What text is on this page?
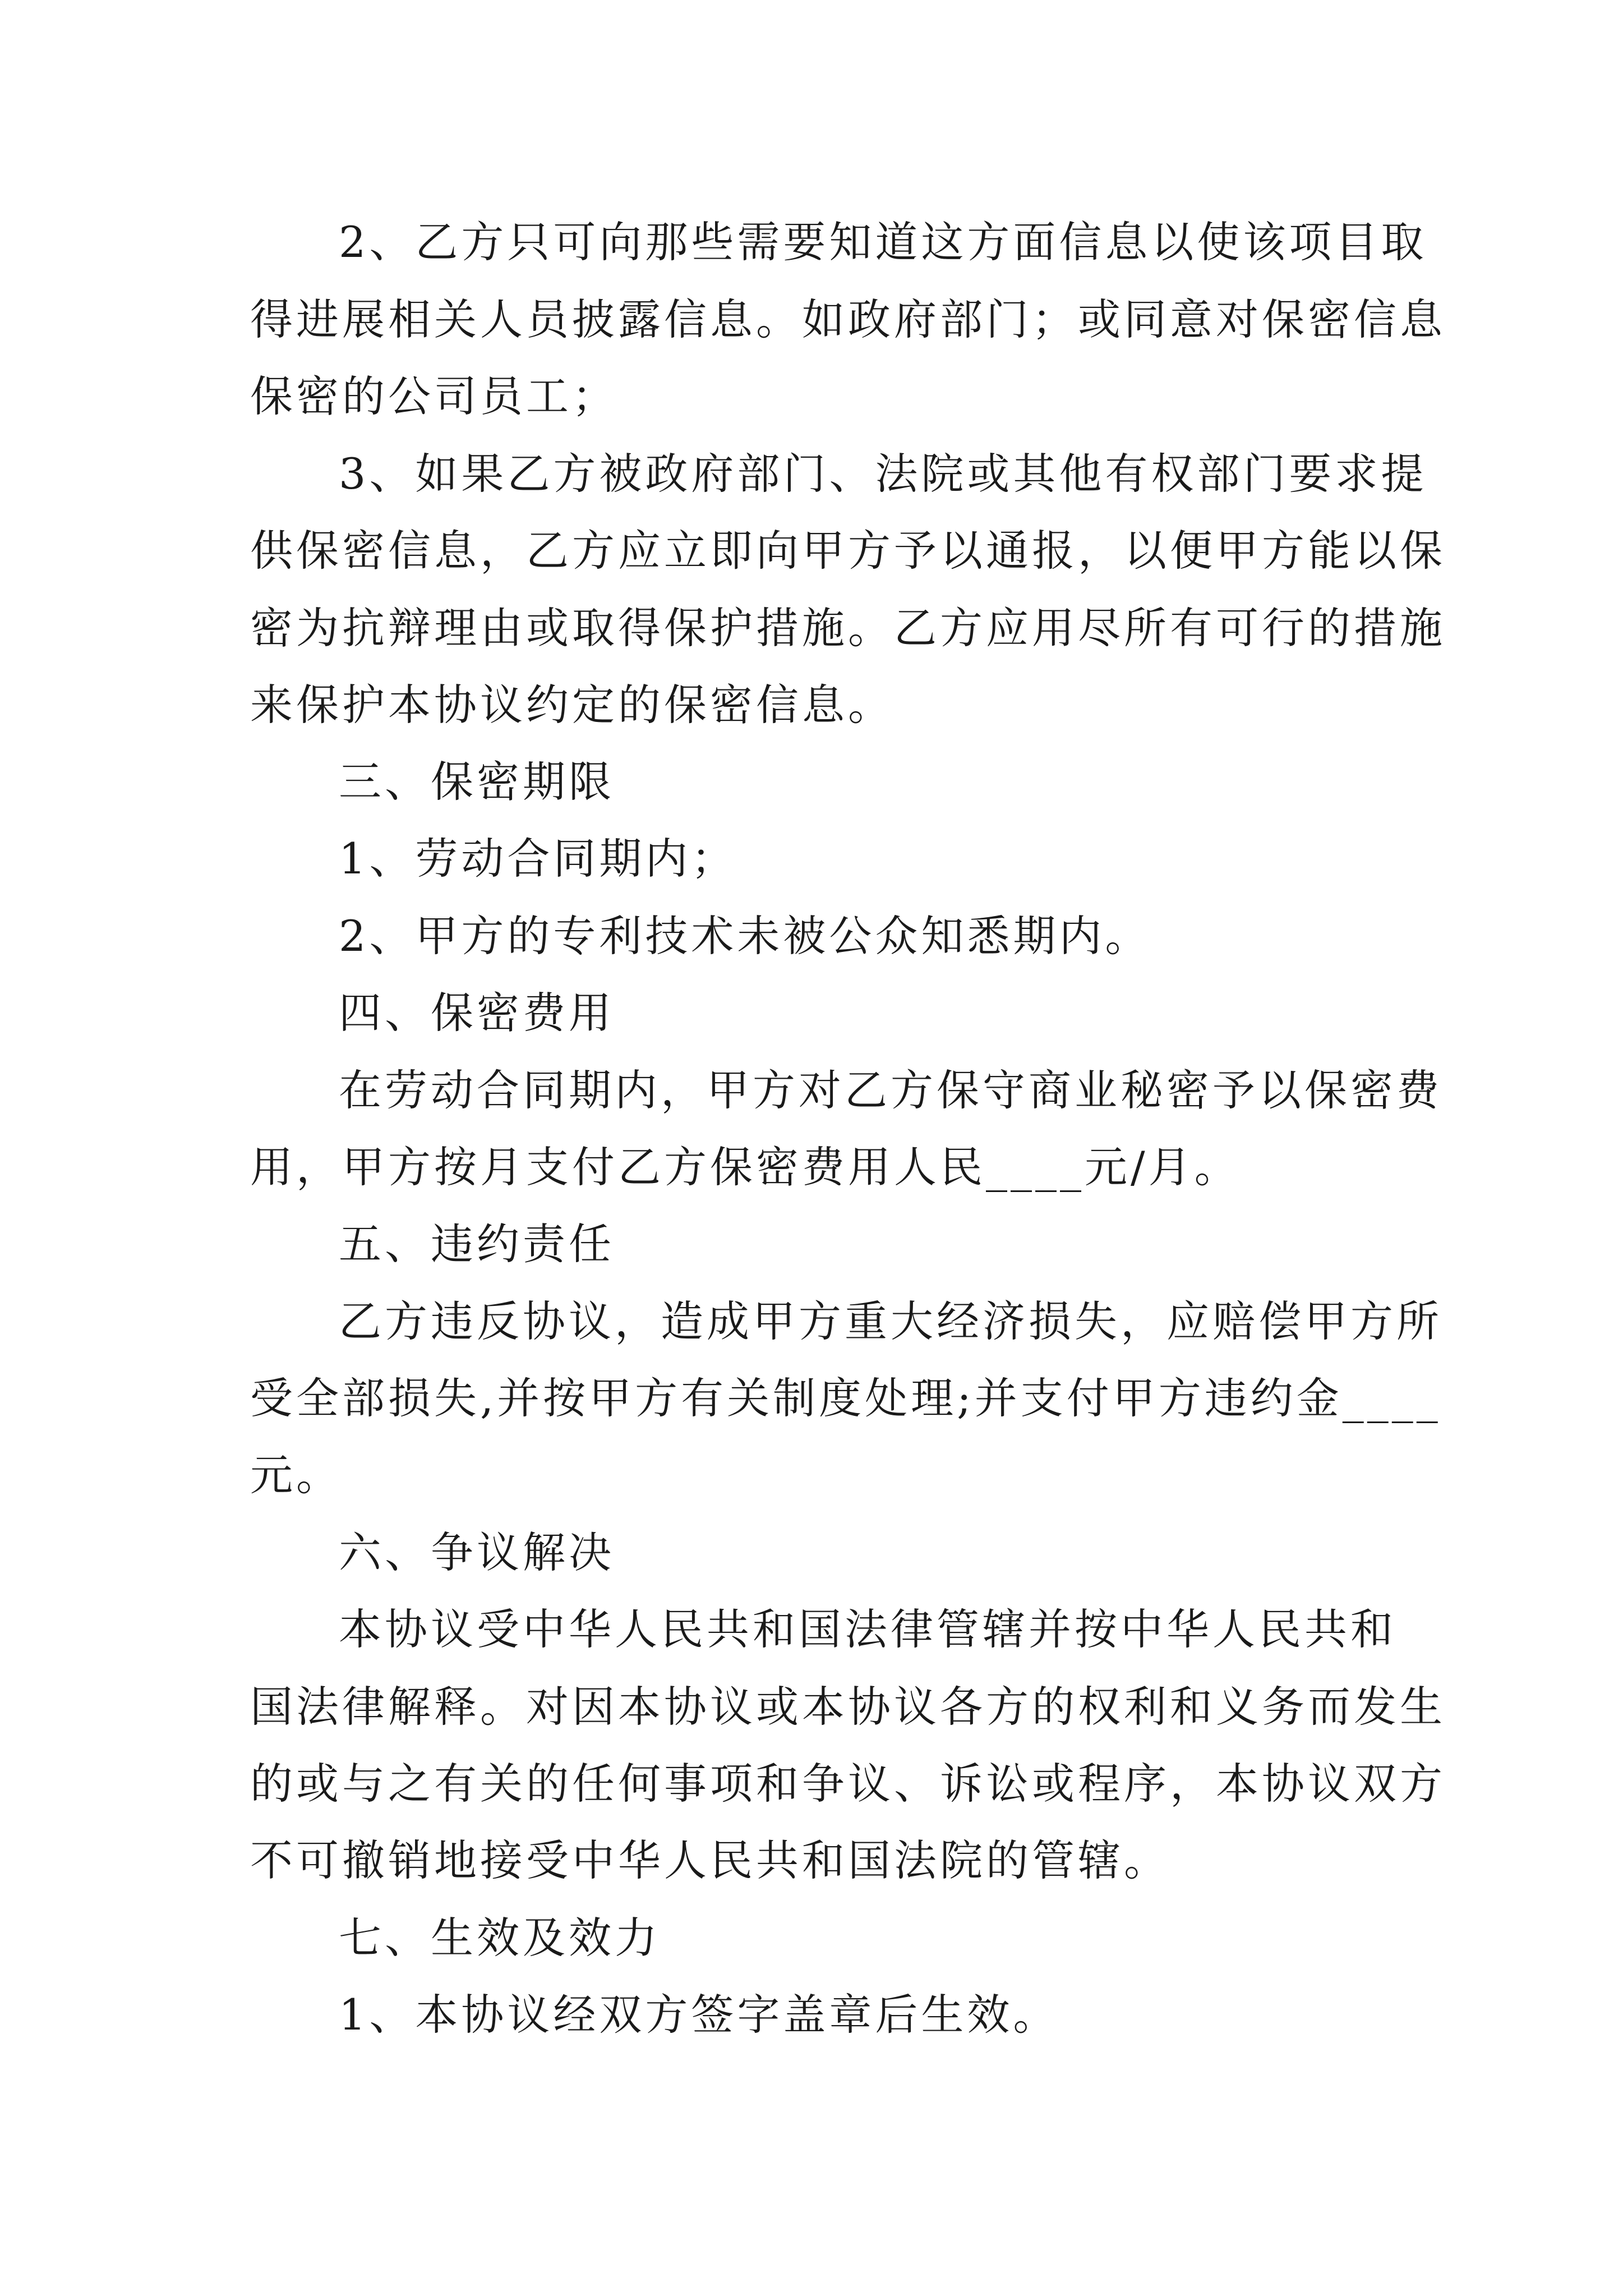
2、乙方只可向那些需要知道这方面信息以使该项目取
得进展相关人员披露信息。如政府部门；或同意对保密信息
保密的公司员工；
3、如果乙方被政府部门、法院或其他有权部门要求提
供保密信息，乙方应立即向甲方予以通报，以便甲方能以保
密为抗辩理由或取得保护措施。乙方应用尽所有可行的措施
来保护本协议约定的保密信息。
三、保密期限
1、劳动合同期内；
2、甲方的专利技术未被公众知悉期内。
四、保密费用
在劳动合同期内，甲方对乙方保守商业秘密予以保密费
用，甲方按月支付乙方保密费用人民____元/月。
五、违约责任
乙方违反协议，造成甲方重大经济损失，应赔偿甲方所
受全部损失,并按甲方有关制度处理;并支付甲方违约金____
元。
六、争议解决
本协议受中华人民共和国法律管辖并按中华人民共和
国法律解释。对因本协议或本协议各方的权利和义务而发生
的或与之有关的任何事项和争议、诉讼或程序，本协议双方
不可撤销地接受中华人民共和国法院的管辖。
七、生效及效力
1、本协议经双方签字盖章后生效。
